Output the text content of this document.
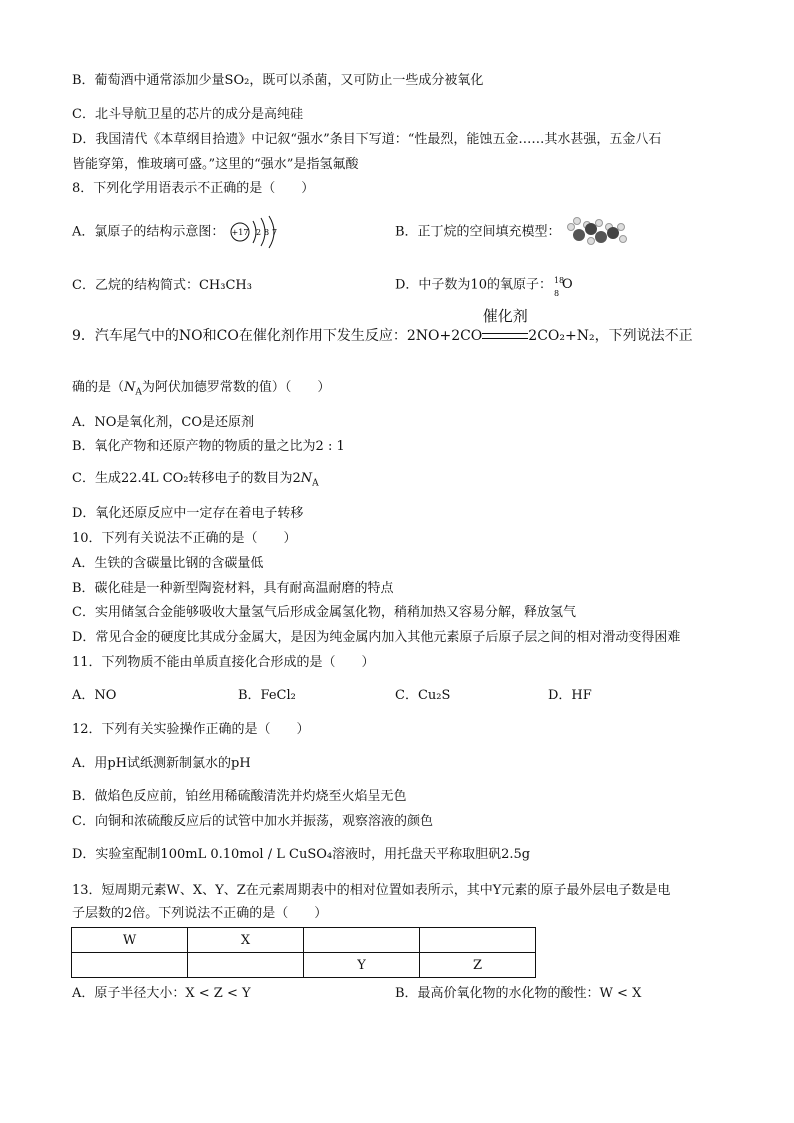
B．葡萄酒中通常添加少量SO₂，既可以杀菌，又可防止一些成分被氧化
C．北斗导航卫星的芯片的成分是高纯硅
D．我国清代《本草纲目拾遗》中记叙“强水”条目下写道：“性最烈，能蚀五金……其水甚强，五金八石
皆能穿第，惟玻璃可盛。”这里的“强水”是指氢氟酸
8．下列化学用语表示不正确的是（　　）
A．氯原子的结构示意图： +17 2 8 7	B．正丁烷的空间填充模型：
C．乙烷的结构简式：CH₃CH₃	D．中子数为10的氧原子： 18
8
O
9．汽车尾气中的NO和CO在催化剂作用下发生反应：2NO+2CO
催化剂
2CO₂+N₂，下列说法不正
确的是（$N_A$为阿伏加德罗常数的值）（　　）
A．NO是氧化剂，CO是还原剂
B．氧化产物和还原产物的物质的量之比为2 : 1
C．生成22.4L CO₂转移电子的数目为$2N_A$
D．氧化还原反应中一定存在着电子转移
10．下列有关说法不正确的是（　　）
A．生铁的含碳量比钢的含碳量低
B．碳化硅是一种新型陶瓷材料，具有耐高温耐磨的特点
C．实用储氢合金能够吸收大量氢气后形成金属氢化物，稍稍加热又容易分解，释放氢气
D．常见合金的硬度比其成分金属大，是因为纯金属内加入其他元素原子后原子层之间的相对滑动变得困难
11．下列物质不能由单质直接化合形成的是（　　）
A．NO	B．FeCl₂	C．Cu₂S	D．HF
12．下列有关实验操作正确的是（　　）
A．用pH试纸测新制氯水的pH
B．做焰色反应前，铂丝用稀硫酸清洗并灼烧至火焰呈无色
C．向铜和浓硫酸反应后的试管中加水并振荡，观察溶液的颜色
D．实验室配制100mL 0.10mol / L CuSO₄溶液时，用托盘天平称取胆矾2.5g
13．短周期元素W、X、Y、Z在元素周期表中的相对位置如表所示，其中Y元素的原子最外层电子数是电
子层数的2倍。下列说法不正确的是（　　）
W	X		
		Y	Z
A．原子半径大小：X < Z < Y	B．最高价氧化物的水化物的酸性：W < X
